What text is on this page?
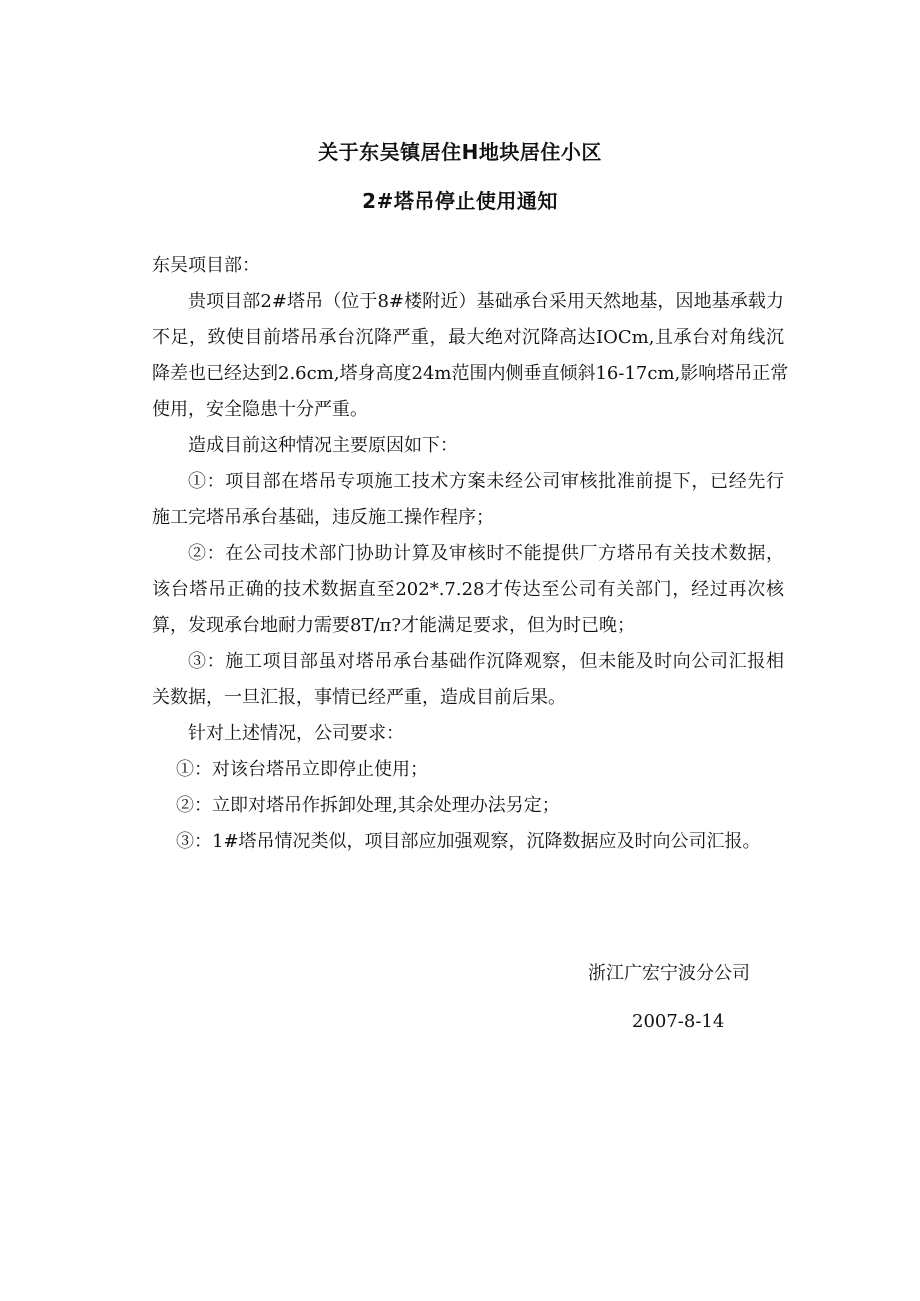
关于东吴镇居住H地块居住小区
2#塔吊停止使用通知
东吴项目部：
贵项目部2#塔吊（位于8#楼附近）基础承台采用天然地基，因地基承载力
不足，致使目前塔吊承台沉降严重，最大绝对沉降高达IOCm,且承台对角线沉
降差也已经达到2.6cm,塔身高度24m范围内侧垂直倾斜16-17cm,影响塔吊正常
使用，安全隐患十分严重。
造成目前这种情况主要原因如下：
①：项目部在塔吊专项施工技术方案未经公司审核批准前提下，已经先行
施工完塔吊承台基础，违反施工操作程序；
②：在公司技术部门协助计算及审核时不能提供厂方塔吊有关技术数据，
该台塔吊正确的技术数据直至202*.7.28才传达至公司有关部门，经过再次核
算，发现承台地耐力需要8T∕π?才能满足要求，但为时已晚；
③：施工项目部虽对塔吊承台基础作沉降观察，但未能及时向公司汇报相
关数据，一旦汇报，事情已经严重，造成目前后果。
针对上述情况，公司要求：
①：对该台塔吊立即停止使用；
②：立即对塔吊作拆卸处理,其余处理办法另定；
③：1#塔吊情况类似，项目部应加强观察，沉降数据应及时向公司汇报。
浙江广宏宁波分公司
2007-8-14
